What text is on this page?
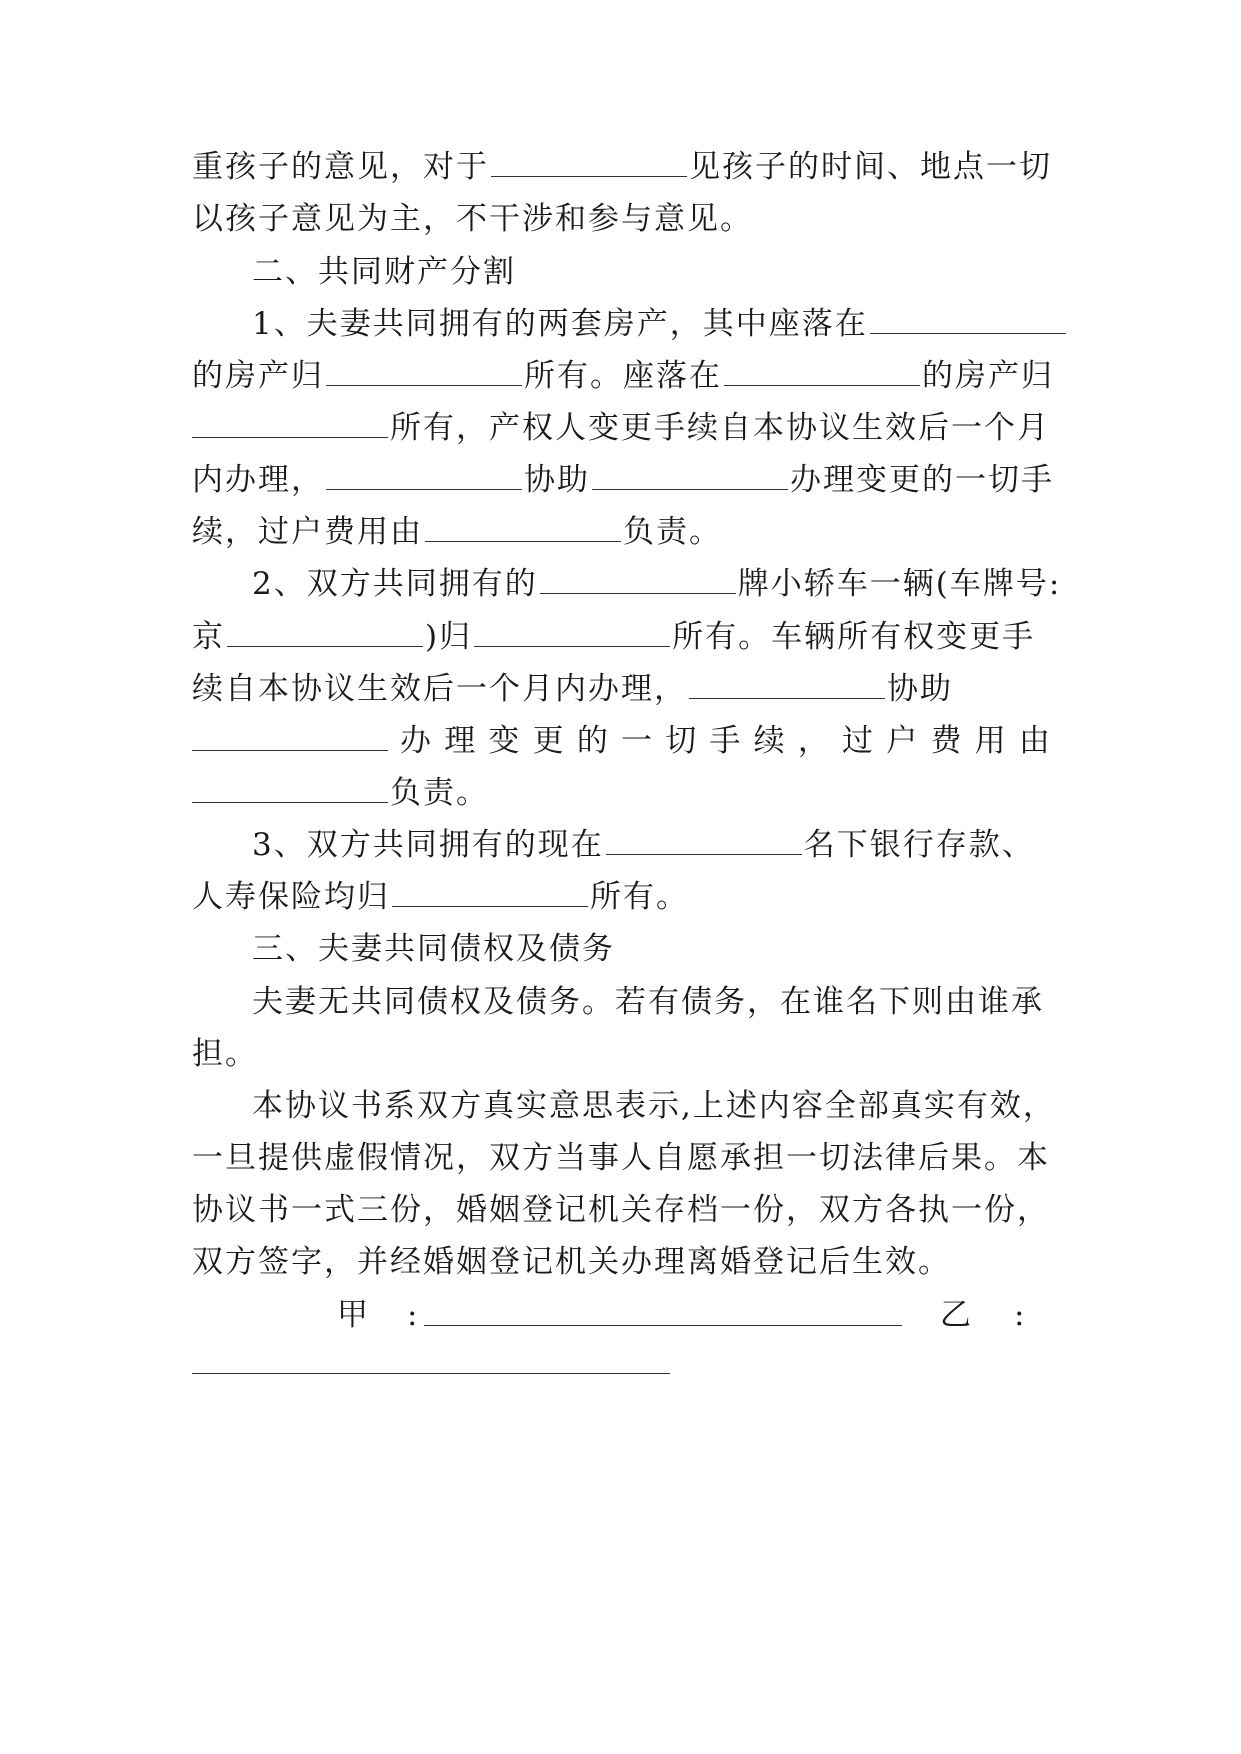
重孩子的意见，对于	见孩子的时间、地点一切
以孩子意见为主，不干涉和参与意见。
二、共同财产分割
1、夫妻共同拥有的两套房产，其中座落在
的房产归	所有。座落在	的房产归
所有，产权人变更手续自本协议生效后一个月
内办理，	协助	办理变更的一切手
续，过户费用由	负责。
2、双方共同拥有的	牌小轿车一辆(车牌号:
京	)归	所有。车辆所有权变更手
续自本协议生效后一个月内办理，	协助
办 理 变 更 的 一 切 手 续 ， 过 户 费 用 由
负责。
3、双方共同拥有的现在	名下银行存款、
人寿保险均归	所有。
三、夫妻共同债权及债务
夫妻无共同债权及债务。若有债务，在谁名下则由谁承
担。
本协议书系双方真实意思表示,上述内容全部真实有效，
一旦提供虚假情况，双方当事人自愿承担一切法律后果。本
协议书一式三份，婚姻登记机关存档一份，双方各执一份，
双方签字，并经婚姻登记机关办理离婚登记后生效。
甲 :	乙 :
